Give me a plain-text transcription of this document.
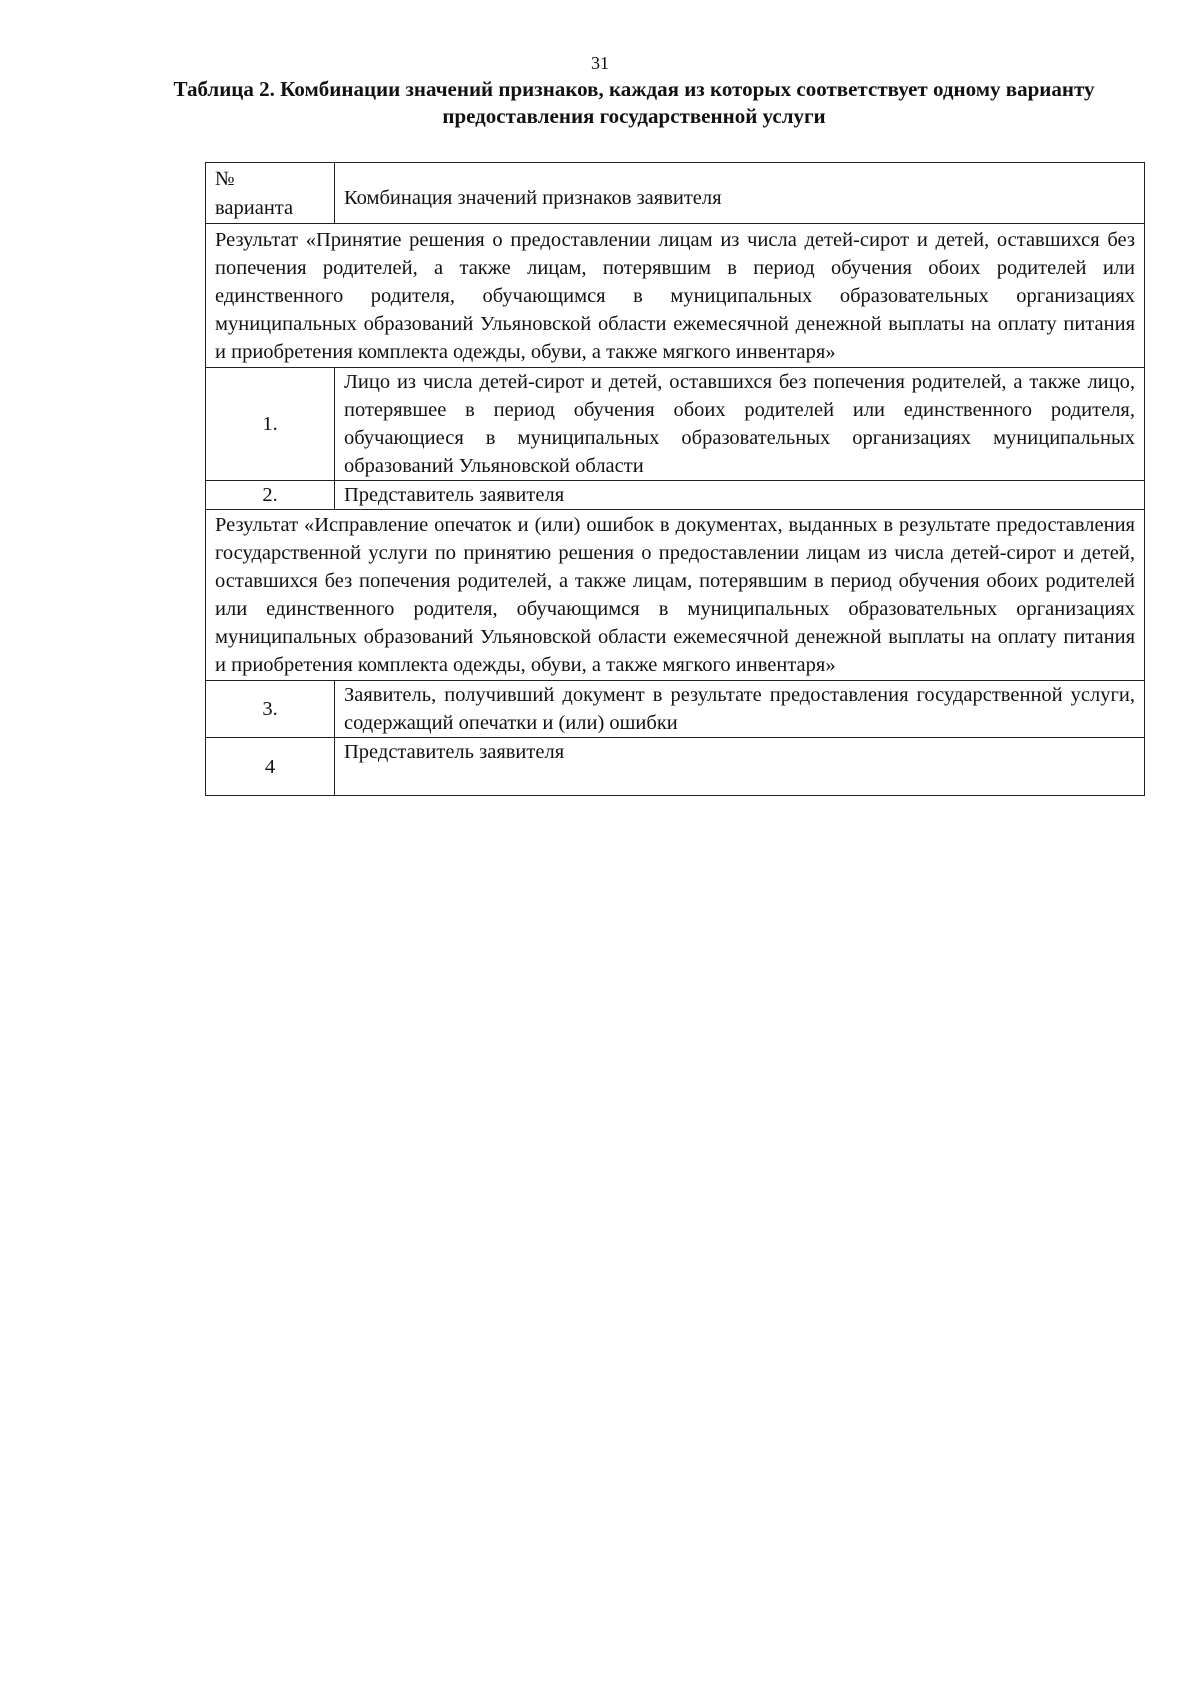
31
Таблица 2. Комбинации значений признаков, каждая из которых соответствует одному варианту предоставления государственной услуги
№
варианта	Комбинация значений признаков заявителя
Результат «Принятие решения о предоставлении лицам из числа детей-сирот и детей, оставшихся без попечения родителей, а также лицам, потерявшим в период обучения обоих родителей или единственного родителя, обучающимся в муниципальных образовательных организациях муниципальных образований Ульяновской области ежемесячной денежной выплаты на оплату питания и приобретения комплекта одежды, обуви, а также мягкого инвентаря»	
1.	Лицо из числа детей-сирот и детей, оставшихся без попечения родителей, а также лицо, потерявшее в период обучения обоих родителей или единственного родителя, обучающиеся в муниципальных образовательных организациях муниципальных образований Ульяновской области
2.	Представитель заявителя
Результат «Исправление опечаток и (или) ошибок в документах, выданных в результате предоставления государственной услуги по принятию решения о предоставлении лицам из числа детей-сирот и детей, оставшихся без попечения родителей, а также лицам, потерявшим в период обучения обоих родителей или единственного родителя, обучающимся в муниципальных образовательных организациях муниципальных образований Ульяновской области ежемесячной денежной выплаты на оплату питания и приобретения комплекта одежды, обуви, а также мягкого инвентаря»	
3.	Заявитель, получивший документ в результате предоставления государственной услуги, содержащий опечатки и (или) ошибки
4	Представитель заявителя
